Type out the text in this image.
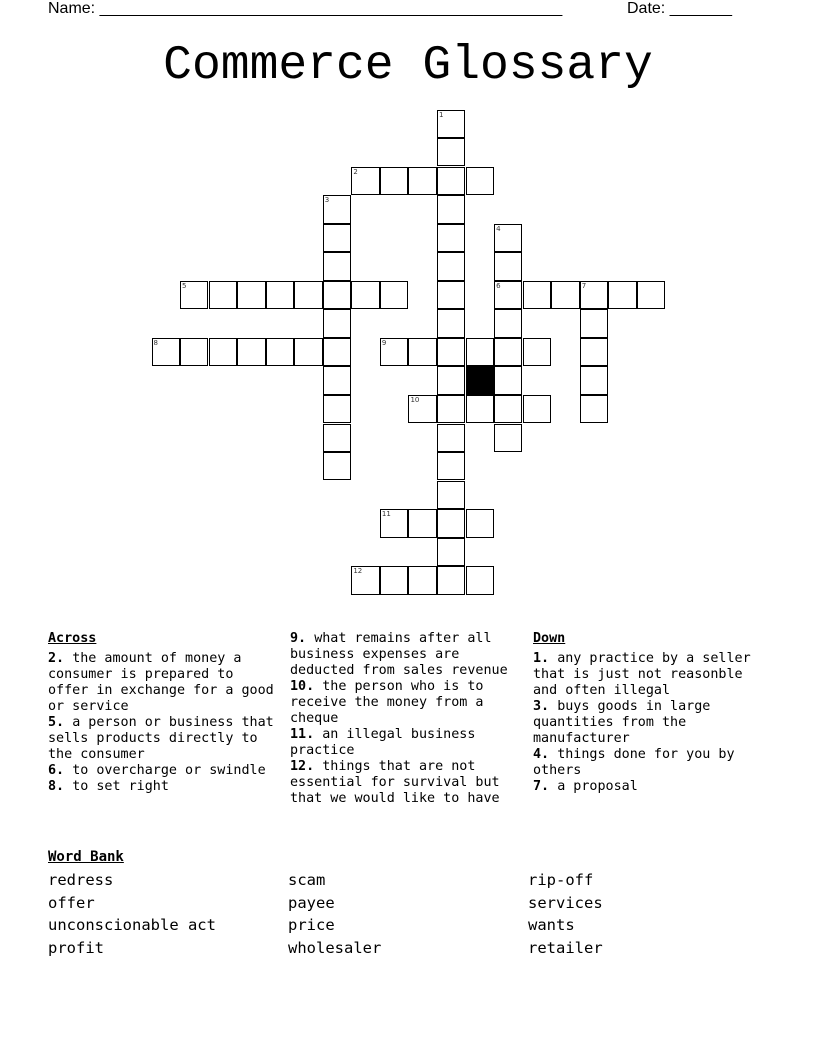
Name: ____________________________________________________	Date: _______
Commerce Glossary
1
2
3
4
5	6	7
8	9
10
11
12
Across
2. the amount of money a consumer is prepared to offer in exchange for a good or service
5. a person or business that sells products directly to the consumer
6. to overcharge or swindle
8. to set right
9. what remains after all business expenses are deducted from sales revenue
10. the person who is to receive the money from a cheque
11. an illegal business practice
12. things that are not essential for survival but that we would like to have
Down
1. any practice by a seller that is just not reasonble and often illegal
3. buys goods in large quantities from the manufacturer
4. things done for you by others
7. a proposal
Word Bank
redress	scam	rip-off
offer	payee	services
unconscionable act	price	wants
profit	wholesaler	retailer
